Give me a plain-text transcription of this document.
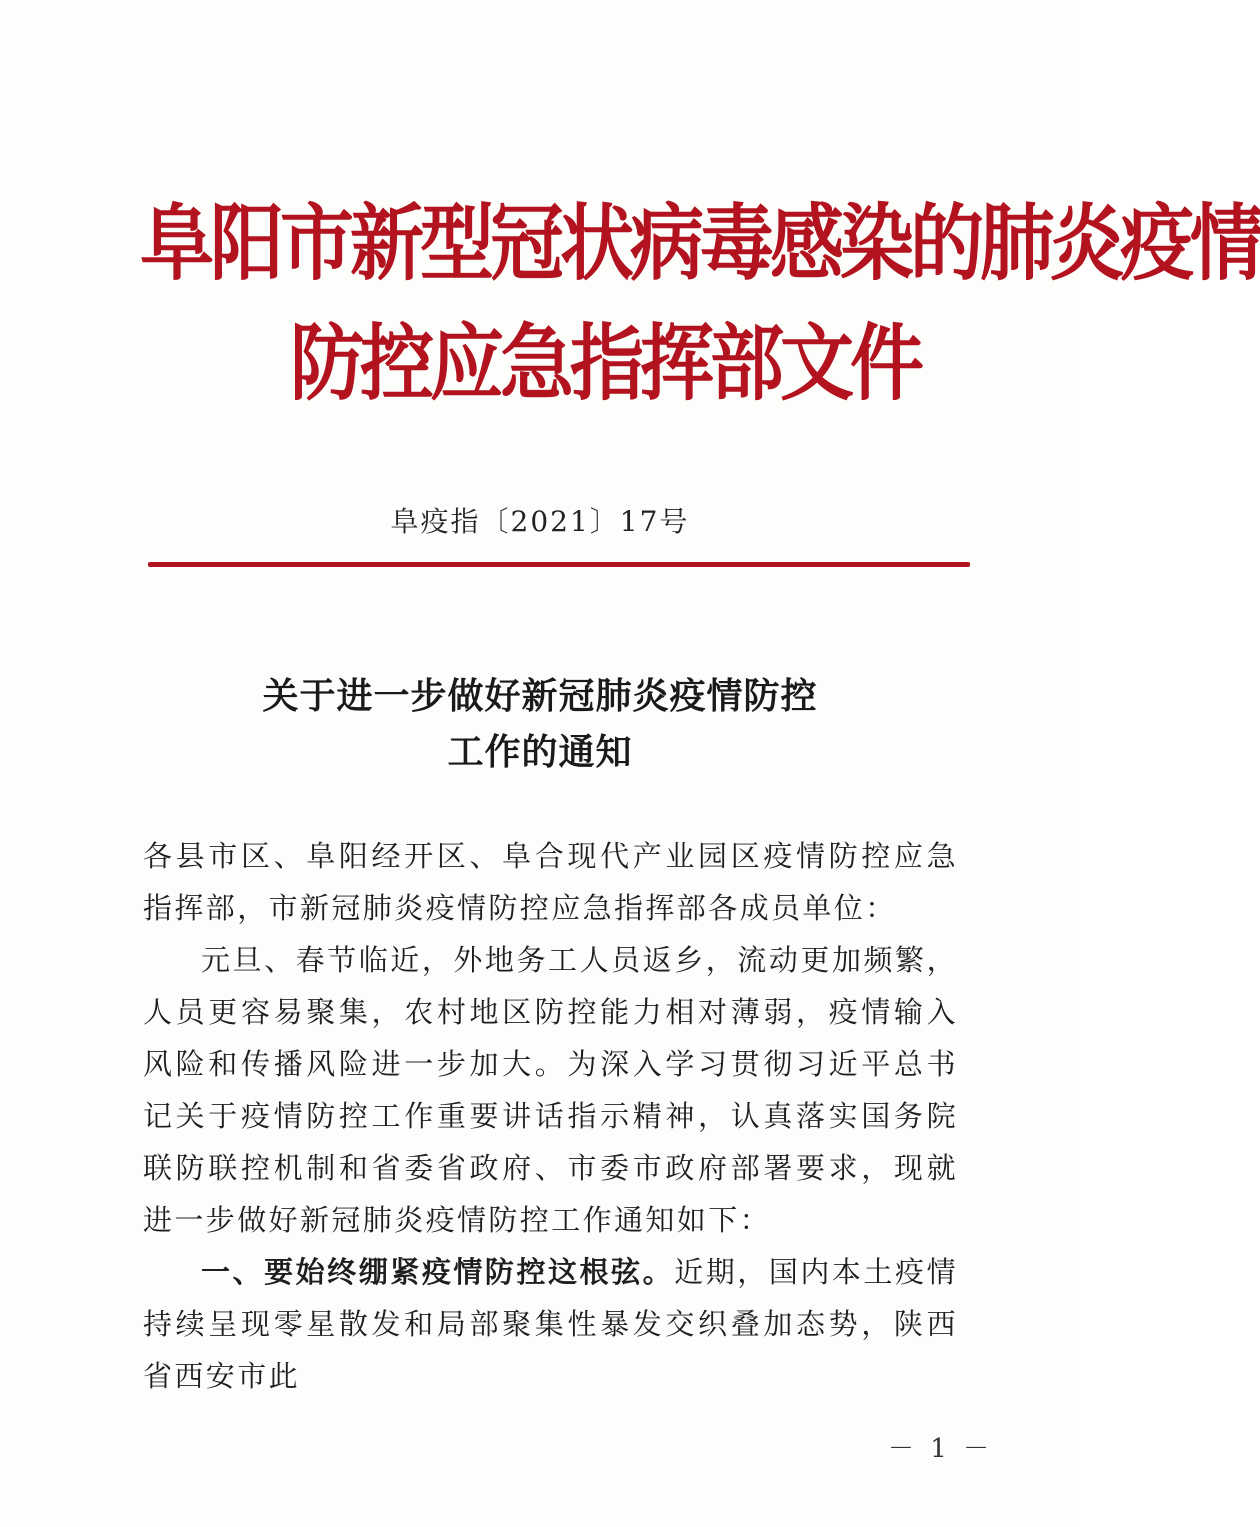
阜阳市新型冠状病毒感染的肺炎疫情
防控应急指挥部文件
阜疫指〔2021〕17号
关于进一步做好新冠肺炎疫情防控
工作的通知
各县市区、阜阳经开区、阜合现代产业园区疫情防控应急指挥部，市新冠肺炎疫情防控应急指挥部各成员单位：
元旦、春节临近，外地务工人员返乡，流动更加频繁，人员更容易聚集，农村地区防控能力相对薄弱，疫情输入风险和传播风险进一步加大。为深入学习贯彻习近平总书记关于疫情防控工作重要讲话指示精神，认真落实国务院联防联控机制和省委省政府、市委市政府部署要求，现就进一步做好新冠肺炎疫情防控工作通知如下：
一、要始终绷紧疫情防控这根弦。近期，国内本土疫情持续呈现零星散发和局部聚集性暴发交织叠加态势，陕西省西安市此
－ 1 －
